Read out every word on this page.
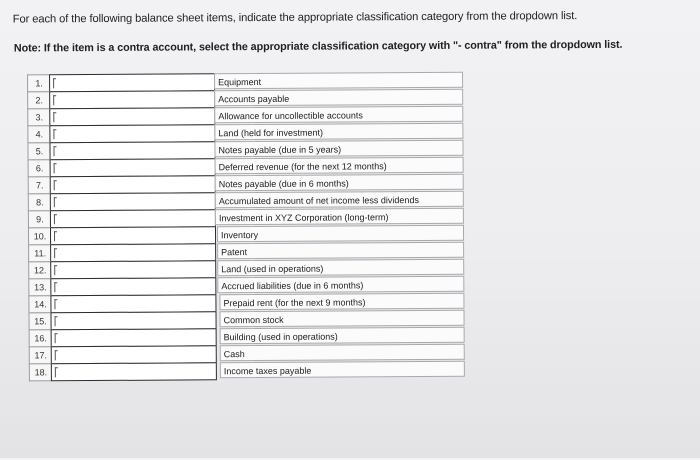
For each of the following balance sheet items, indicate the appropriate classification category from the dropdown list.
Note: If the item is a contra account, select the appropriate classification category with "- contra" from the dropdown list.
1.	Equipment
2.	Accounts payable
3.	Allowance for uncollectible accounts
4.	Land (held for investment)
5.	Notes payable (due in 5 years)
6.	Deferred revenue (for the next 12 months)
7.	Notes payable (due in 6 months)
8.	Accumulated amount of net income less dividends
9.	Investment in XYZ Corporation (long-term)
10.	Inventory
11.	Patent
12.	Land (used in operations)
13.	Accrued liabilities (due in 6 months)
14.	Prepaid rent (for the next 9 months)
15.	Common stock
16.	Building (used in operations)
17.	Cash
18.	Income taxes payable
